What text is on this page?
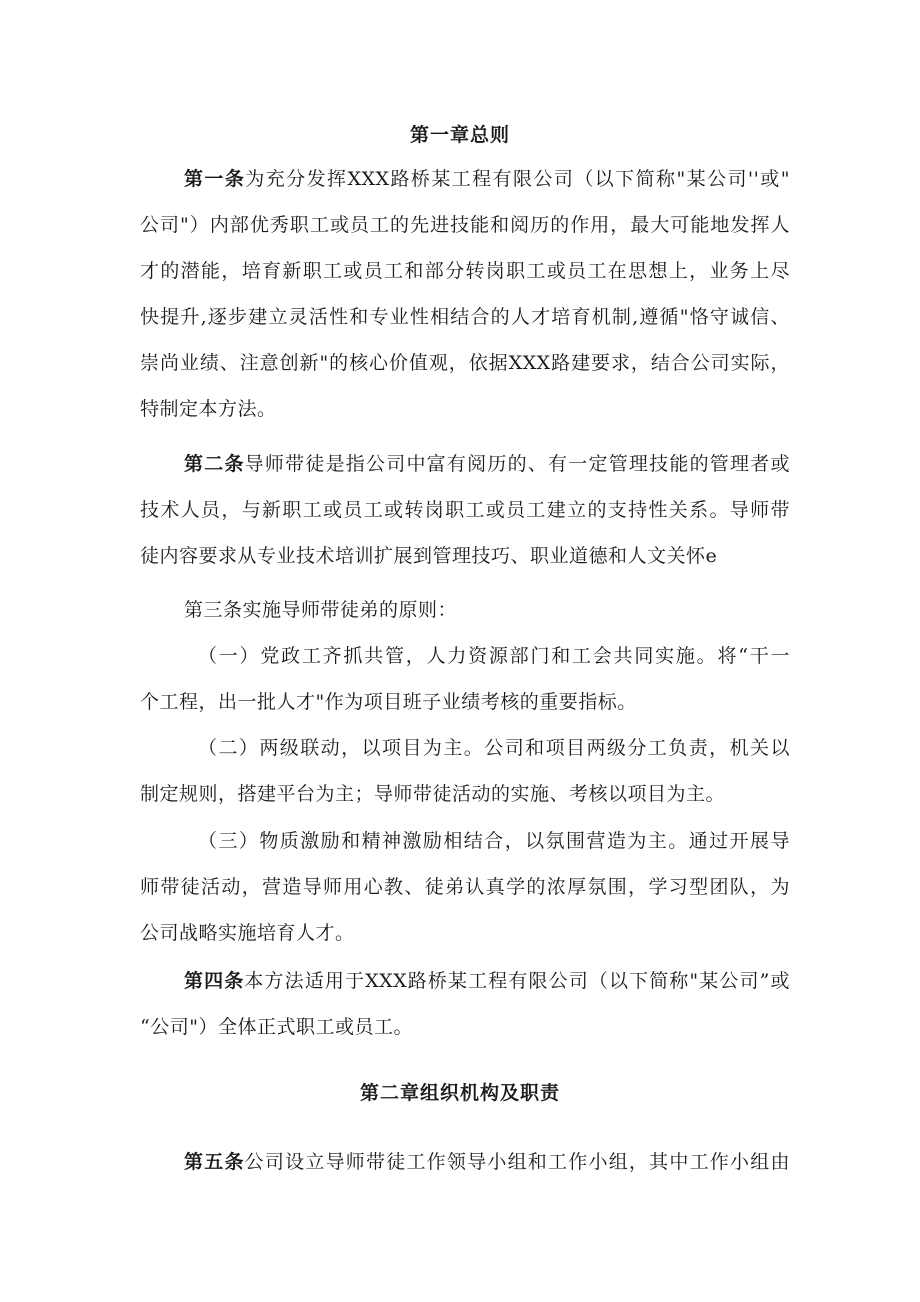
第一章总则
第一条为充分发挥XXX路桥某工程有限公司（以下简称"某公司''或"
公司"）内部优秀职工或员工的先进技能和阅历的作用，最大可能地发挥人
才的潜能，培育新职工或员工和部分转岗职工或员工在思想上，业务上尽
快提升,逐步建立灵活性和专业性相结合的人才培育机制,遵循"恪守诚信、
崇尚业绩、注意创新"的核心价值观，依据XXX路建要求，结合公司实际，
特制定本方法。
第二条导师带徒是指公司中富有阅历的、有一定管理技能的管理者或
技术人员，与新职工或员工或转岗职工或员工建立的支持性关系。导师带
徒内容要求从专业技术培训扩展到管理技巧、职业道德和人文关怀e
第三条实施导师带徒弟的原则：
（一）党政工齐抓共管，人力资源部门和工会共同实施。将“干一
个工程，出一批人才"作为项目班子业绩考核的重要指标。
（二）两级联动，以项目为主。公司和项目两级分工负责，机关以
制定规则，搭建平台为主；导师带徒活动的实施、考核以项目为主。
（三）物质激励和精神激励相结合，以氛围营造为主。通过开展导
师带徒活动，营造导师用心教、徒弟认真学的浓厚氛围，学习型团队，为
公司战略实施培育人才。
第四条本方法适用于XXX路桥某工程有限公司（以下简称"某公司”或
“公司"）全体正式职工或员工。
第二章组织机构及职责
第五条公司设立导师带徒工作领导小组和工作小组，其中工作小组由
